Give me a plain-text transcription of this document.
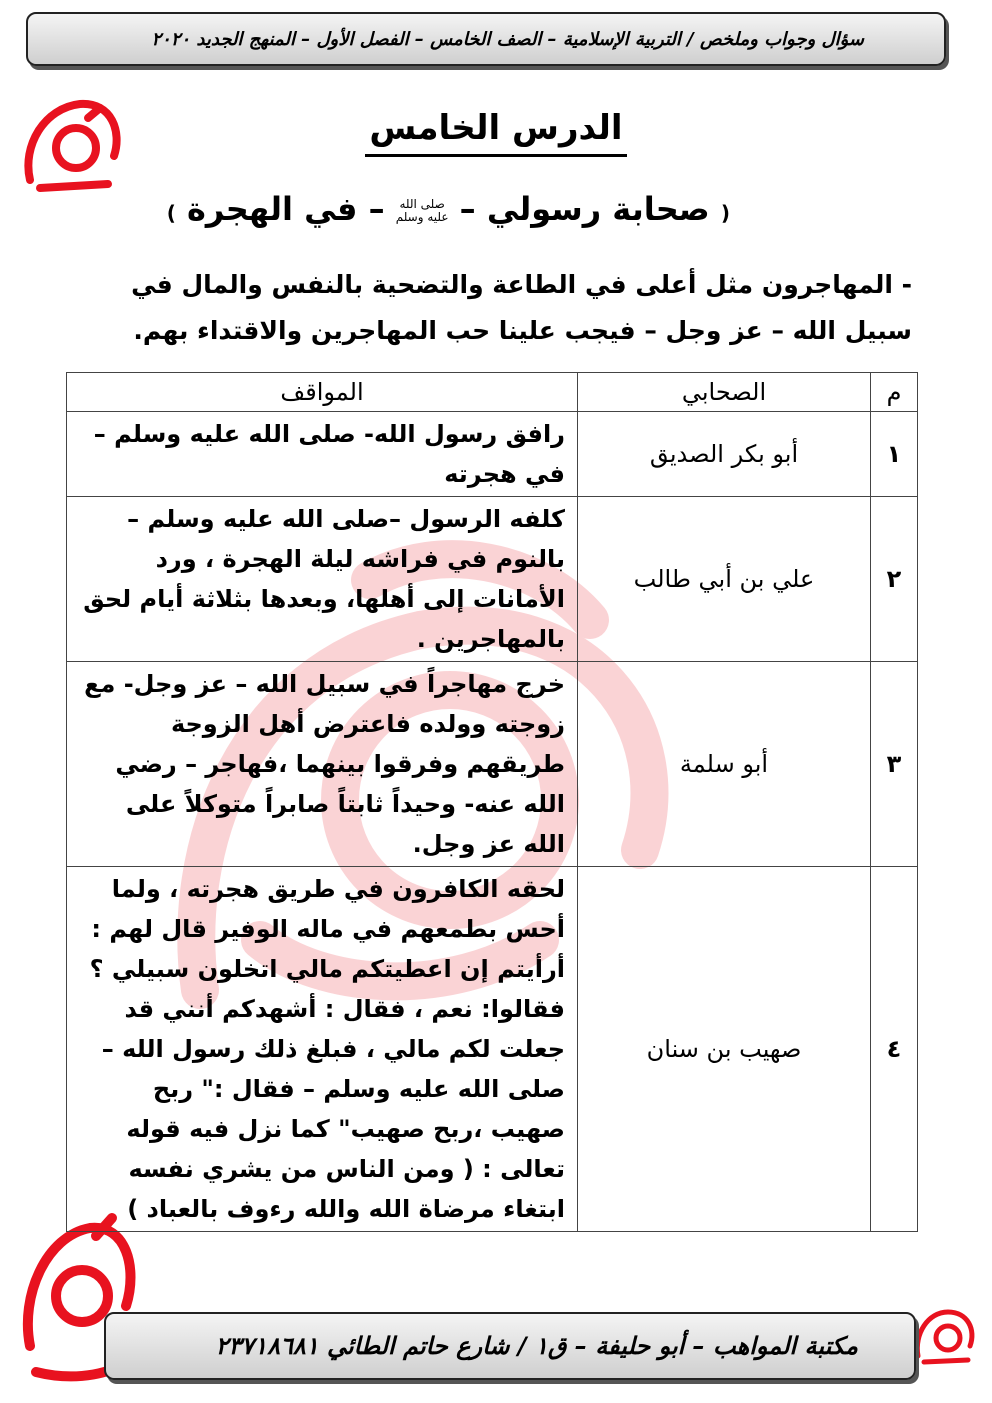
سؤال وجواب وملخص / التربية الإسلامية – الصف الخامس – الفصل الأول – المنهج الجديد ٢٠٢٠
الدرس الخامس
( صحابة رسولي – صلى الله
عليه وسلم – في الهجرة )
- المهاجرون مثل أعلى في الطاعة والتضحية بالنفس والمال في سبيل الله – عز وجل – فيجب علينا حب المهاجرين والاقتداء بهم.
م	الصحابي	المواقف
١	أبو بكر الصديق	رافق رسول الله- صلى الله عليه وسلم – في هجرته
٢	علي بن أبي طالب	كلفه الرسول –صلى الله عليه وسلم – بالنوم في فراشه ليلة الهجرة ، ورد الأمانات إلى أهلها، وبعدها بثلاثة أيام لحق بالمهاجرين .
٣	أبو سلمة	خرج مهاجراً في سبيل الله – عز وجل- مع زوجته وولده فاعترض أهل الزوجة طريقهم وفرقوا بينهما ،فهاجر – رضي الله عنه- وحيداً ثابتاً صابراً متوكلاً على الله عز وجل.
٤	صهيب بن سنان	لحقه الكافرون في طريق هجرته ، ولما أحس بطمعهم في ماله الوفير قال لهم : أرأيتم إن اعطيتكم مالي اتخلون سبيلي ؟ فقالوا: نعم ، فقال : أشهدكم أنني قد جعلت لكم مالي ، فبلغ ذلك رسول الله – صلى الله عليه وسلم – فقال :" ربح صهيب ،ربح صهيب" كما نزل فيه قوله تعالى : ( ومن الناس من يشري نفسه ابتغاء مرضاة الله والله رءوف بالعباد )
مكتبة المواهب – أبو حليفة – ق١ / شارع حاتم الطائي ٢٣٧١٨٦٨١
